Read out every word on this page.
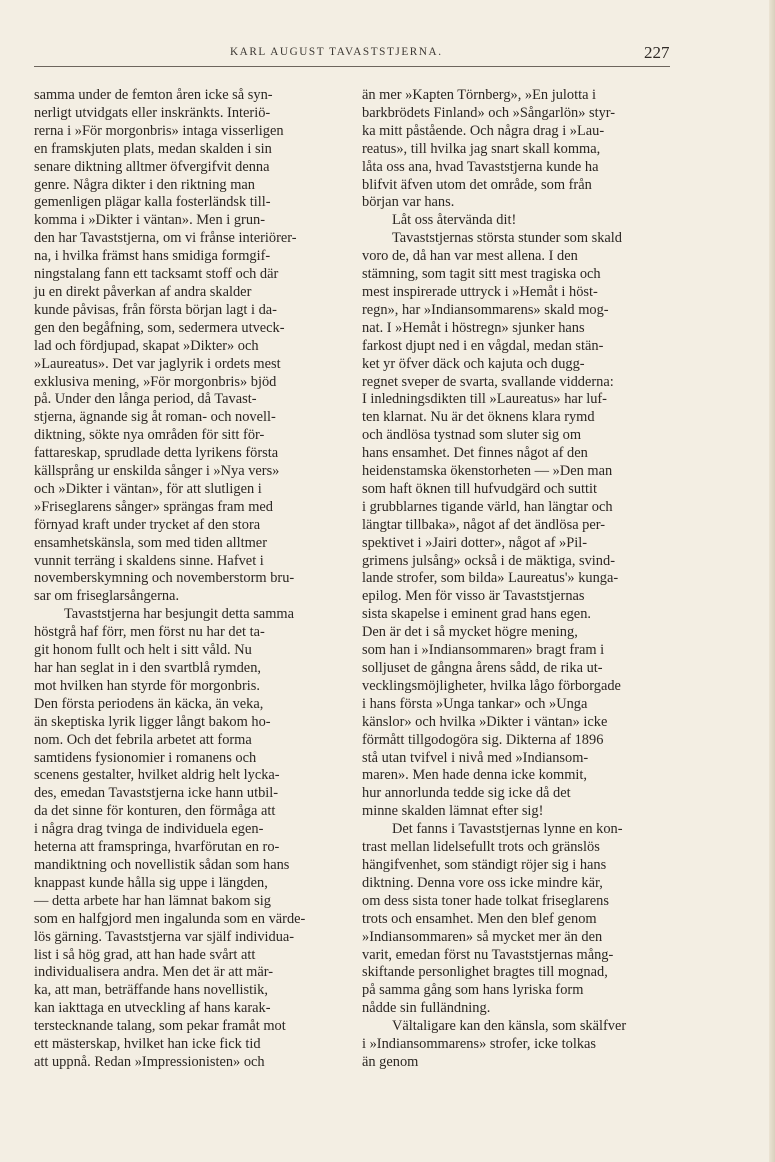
KARL AUGUST TAVASTSTJERNA.	227
samma under de femton åren icke så syn-
nerligt utvidgats eller inskränkts. Interiö-
rerna i »För morgonbris» intaga visserligen
en framskjuten plats, medan skalden i sin
senare diktning alltmer öfvergifvit denna
genre. Några dikter i den riktning man
gemenligen plägar kalla fosterländsk till-
komma i »Dikter i väntan». Men i grun-
den har Tavaststjerna, om vi frånse interiörer-
na, i hvilka främst hans smidiga formgif-
ningstalang fann ett tacksamt stoff och där
ju en direkt påverkan af andra skalder
kunde påvisas, från första början lagt i da-
gen den begåfning, som, sedermera utveck-
lad och fördjupad, skapat »Dikter» och
»Laureatus». Det var jaglyrik i ordets mest
exklusiva mening, »För morgonbris» bjöd
på. Under den långa period, då Tavast-
stjerna, ägnande sig åt roman- och novell-
diktning, sökte nya områden för sitt för-
fattareskap, sprudlade detta lyrikens första
källsprång ur enskilda sånger i »Nya vers»
och »Dikter i väntan», för att slutligen i
»Friseglarens sånger» sprängas fram med
förnyad kraft under trycket af den stora
ensamhetskänsla, som med tiden alltmer
vunnit terräng i skaldens sinne. Hafvet i
novemberskymning och novemberstorm bru-
sar om friseglarsångerna.
Tavaststjerna har besjungit detta samma
höstgrå haf förr, men först nu har det ta-
git honom fullt och helt i sitt våld. Nu
har han seglat in i den svartblå rymden,
mot hvilken han styrde för morgonbris.
Den första periodens än käcka, än veka,
än skeptiska lyrik ligger långt bakom ho-
nom. Och det febrila arbetet att forma
samtidens fysionomier i romanens och
scenens gestalter, hvilket aldrig helt lycka-
des, emedan Tavaststjerna icke hann utbil-
da det sinne för konturen, den förmåga att
i några drag tvinga de individuela egen-
heterna att framspringa, hvarförutan en ro-
mandiktning och novellistik sådan som hans
knappast kunde hålla sig uppe i längden,
— detta arbete har han lämnat bakom sig
som en halfgjord men ingalunda som en värde-
lös gärning. Tavaststjerna var själf individua-
list i så hög grad, att han hade svårt att
individualisera andra. Men det är att mär-
ka, att man, beträffande hans novellistik,
kan iakttaga en utveckling af hans karak-
terstecknande talang, som pekar framåt mot
ett mästerskap, hvilket han icke fick tid
att uppnå. Redan »Impressionisten» och
än mer »Kapten Törnberg», »En julotta i
barkbrödets Finland» och »Sångarlön» styr-
ka mitt påstående. Och några drag i »Lau-
reatus», till hvilka jag snart skall komma,
låta oss ana, hvad Tavaststjerna kunde ha
blifvit äfven utom det område, som från
början var hans.
Låt oss återvända dit!
Tavaststjernas största stunder som skald
voro de, då han var mest allena. I den
stämning, som tagit sitt mest tragiska och
mest inspirerade uttryck i »Hemåt i höst-
regn», har »Indiansommarens» skald mog-
nat. I »Hemåt i höstregn» sjunker hans
farkost djupt ned i en vågdal, medan stän-
ket yr öfver däck och kajuta och dugg-
regnet sveper de svarta, svallande vidderna:
I inledningsdikten till »Laureatus» har luf-
ten klarnat. Nu är det öknens klara rymd
och ändlösa tystnad som sluter sig om
hans ensamhet. Det finnes något af den
heidenstamska ökenstorheten — »Den man
som haft öknen till hufvudgärd och suttit
i grubblarnes tigande värld, han längtar och
längtar tillbaka», något af det ändlösa per-
spektivet i »Jairi dotter», något af »Pil-
grimens julsång» också i de mäktiga, svind-
lande strofer, som bilda» Laureatus'» kunga-
epilog. Men för visso är Tavaststjernas
sista skapelse i eminent grad hans egen.
Den är det i så mycket högre mening,
som han i »Indiansommaren» bragt fram i
solljuset de gångna årens sådd, de rika ut-
vecklingsmöjligheter, hvilka lågo förborgade
i hans första »Unga tankar» och »Unga
känslor» och hvilka »Dikter i väntan» icke
förmått tillgodogöra sig. Dikterna af 1896
stå utan tvifvel i nivå med »Indiansom-
maren». Men hade denna icke kommit,
hur annorlunda tedde sig icke då det
minne skalden lämnat efter sig!
Det fanns i Tavaststjernas lynne en kon-
trast mellan lidelsefullt trots och gränslös
hängifvenhet, som ständigt röjer sig i hans
diktning. Denna vore oss icke mindre kär,
om dess sista toner hade tolkat friseglarens
trots och ensamhet. Men den blef genom
»Indiansommaren» så mycket mer än den
varit, emedan först nu Tavaststjernas mång-
skiftande personlighet bragtes till mognad,
på samma gång som hans lyriska form
nådde sin fulländning.
Vältaligare kan den känsla, som skälfver
i »Indiansommarens» strofer, icke tolkas
än genom
